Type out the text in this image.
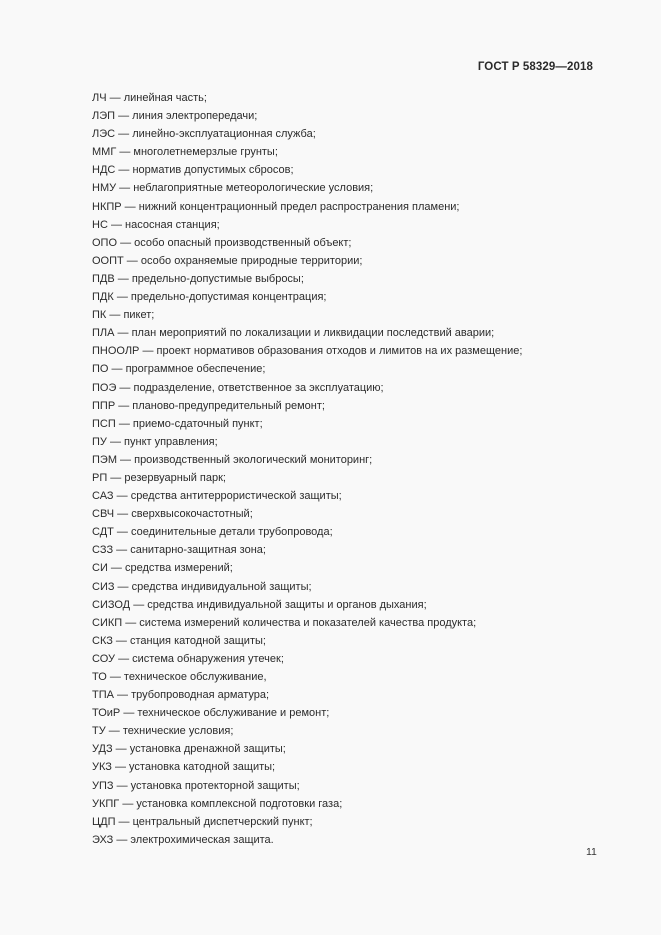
ГОСТ Р 58329—2018
ЛЧ — линейная часть;
ЛЭП — линия электропередачи;
ЛЭС — линейно-эксплуатационная служба;
ММГ — многолетнемерзлые грунты;
НДС — норматив допустимых сбросов;
НМУ — неблагоприятные метеорологические условия;
НКПР — нижний концентрационный предел распространения пламени;
НС — насосная станция;
ОПО — особо опасный производственный объект;
ООПТ — особо охраняемые природные территории;
ПДВ — предельно-допустимые выбросы;
ПДК — предельно-допустимая концентрация;
ПК — пикет;
ПЛА — план мероприятий по локализации и ликвидации последствий аварии;
ПНООЛР — проект нормативов образования отходов и лимитов на их размещение;
ПО — программное обеспечение;
ПОЭ — подразделение, ответственное за эксплуатацию;
ППР — планово-предупредительный ремонт;
ПСП — приемо-сдаточный пункт;
ПУ — пункт управления;
ПЭМ — производственный экологический мониторинг;
РП — резервуарный парк;
САЗ — средства антитеррористической защиты;
СВЧ — сверхвысокочастотный;
СДТ — соединительные детали трубопровода;
СЗЗ — санитарно-защитная зона;
СИ — средства измерений;
СИЗ — средства индивидуальной защиты;
СИЗОД — средства индивидуальной защиты и органов дыхания;
СИКП — система измерений количества и показателей качества продукта;
СКЗ — станция катодной защиты;
СОУ — система обнаружения утечек;
ТО — техническое обслуживание,
ТПА — трубопроводная арматура;
ТОиР — техническое обслуживание и ремонт;
ТУ — технические условия;
УДЗ — установка дренажной защиты;
УКЗ — установка катодной защиты;
УПЗ — установка протекторной защиты;
УКПГ — установка комплексной подготовки газа;
ЦДП — центральный диспетчерский пункт;
ЭХЗ — электрохимическая защита.
11
